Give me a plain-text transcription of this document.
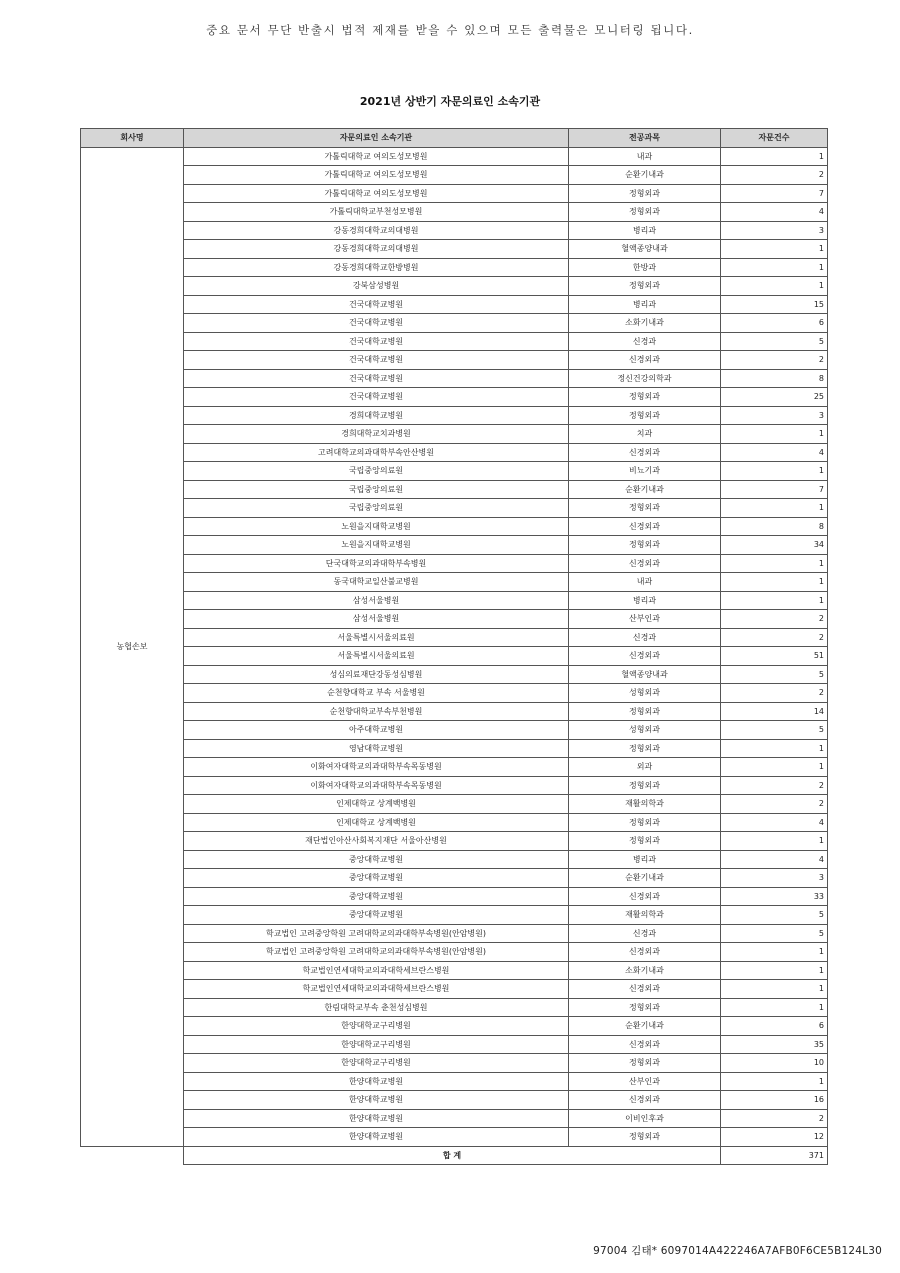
중요 문서 무단 반출시 법적 제재를 받을 수 있으며 모든 출력물은 모니터링 됩니다.
2021년 상반기 자문의료인 소속기관
회사명	자문의료인 소속기관	전공과목	자문건수
농협손보	가톨릭대학교 여의도성모병원	내과	1
	가톨릭대학교 여의도성모병원	순환기내과	2
	가톨릭대학교 여의도성모병원	정형외과	7
	가톨릭대학교부천성모병원	정형외과	4
	강동경희대학교의대병원	병리과	3
	강동경희대학교의대병원	혈액종양내과	1
	강동경희대학교한방병원	한방과	1
	강북삼성병원	정형외과	1
	건국대학교병원	병리과	15
	건국대학교병원	소화기내과	6
	건국대학교병원	신경과	5
	건국대학교병원	신경외과	2
	건국대학교병원	정신건강의학과	8
	건국대학교병원	정형외과	25
	경희대학교병원	정형외과	3
	경희대학교치과병원	치과	1
	고려대학교의과대학부속안산병원	신경외과	4
	국립중앙의료원	비뇨기과	1
	국립중앙의료원	순환기내과	7
	국립중앙의료원	정형외과	1
	노원을지대학교병원	신경외과	8
	노원을지대학교병원	정형외과	34
	단국대학교의과대학부속병원	신경외과	1
	동국대학교일산불교병원	내과	1
	삼성서울병원	병리과	1
	삼성서울병원	산부인과	2
	서울특별시서울의료원	신경과	2
	서울특별시서울의료원	신경외과	51
	성심의료재단강동성심병원	혈액종양내과	5
	순천향대학교 부속 서울병원	성형외과	2
	순천향대학교부속부천병원	정형외과	14
	아주대학교병원	성형외과	5
	영남대학교병원	정형외과	1
	이화여자대학교의과대학부속목동병원	외과	1
	이화여자대학교의과대학부속목동병원	정형외과	2
	인제대학교 상계백병원	재활의학과	2
	인제대학교 상계백병원	정형외과	4
	재단법인아산사회복지재단 서울아산병원	정형외과	1
	중앙대학교병원	병리과	4
	중앙대학교병원	순환기내과	3
	중앙대학교병원	신경외과	33
	중앙대학교병원	재활의학과	5
	학교법인 고려중앙학원 고려대학교의과대학부속병원(안암병원)	신경과	5
	학교법인 고려중앙학원 고려대학교의과대학부속병원(안암병원)	신경외과	1
	학교법인연세대학교의과대학세브란스병원	소화기내과	1
	학교법인연세대학교의과대학세브란스병원	신경외과	1
	한림대학교부속 춘천성심병원	정형외과	1
	한양대학교구리병원	순환기내과	6
	한양대학교구리병원	신경외과	35
	한양대학교구리병원	정형외과	10
	한양대학교병원	산부인과	1
	한양대학교병원	신경외과	16
	한양대학교병원	이비인후과	2
	한양대학교병원	정형외과	12
	합 계		371
97004 김태* 6097014A422246A7AFB0F6CE5B124L30
